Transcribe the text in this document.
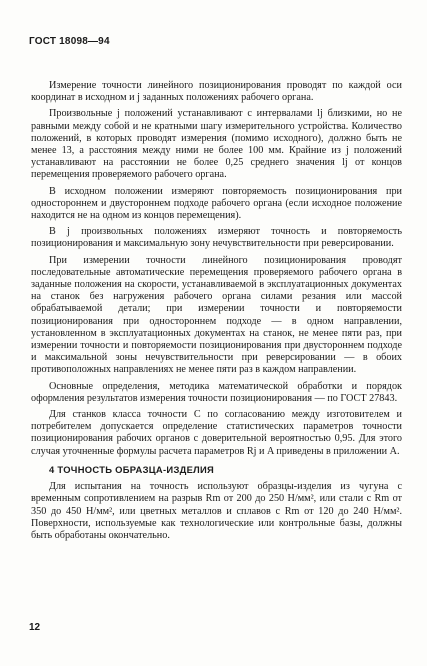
ГОСТ 18098—94

Измерение точности линейного позиционирования проводят по каждой оси координат в исходном и j заданных положениях рабочего органа.

Произвольные j положений устанавливают с интервалами lj близкими, но не равными между собой и не кратными шагу измерительного устройства. Количество положений, в которых проводят измерения (помимо исходного), должно быть не менее 13, а расстояния между ними не более 100 мм. Крайние из j положений устанавливают на расстоянии не более 0,25 среднего значения lj от концов перемещения проверяемого рабочего органа.

В исходном положении измеряют повторяемость позиционирования при одностороннем и двустороннем подходе рабочего органа (если исходное положение находится не на одном из концов перемещения).

В j произвольных положениях измеряют точность и повторяемость позиционирования и максимальную зону нечувствительности при реверсировании.

При измерении точности линейного позиционирования проводят последовательные автоматические перемещения проверяемого рабочего органа в заданные положения на скорости, устанавливаемой в эксплуатационных документах на станок без нагружения рабочего органа силами резания или массой обрабатываемой детали; при измерении точности и повторяемости позиционирования при одностороннем подходе — в одном направлении, установленном в эксплуатационных документах на станок, не менее пяти раз, при измерении точности и повторяемости позиционирования при двустороннем подходе и максимальной зоны нечувствительности при реверсировании — в обоих противоположных направлениях не менее пяти раз в каждом направлении.

Основные определения, методика математической обработки и порядок оформления результатов измерения точности позиционирования — по ГОСТ 27843.

Для станков класса точности С по согласованию между изготовителем и потребителем допускается определение статистических параметров точности позиционирования рабочих органов с доверительной вероятностью 0,95. Для этого случая уточненные формулы расчета параметров Rj и A приведены в приложении А.

4 ТОЧНОСТЬ ОБРАЗЦА-ИЗДЕЛИЯ

Для испытания на точность используют образцы-изделия из чугуна с временным сопротивлением на разрыв Rm от 200 до 250 Н/мм², или стали с Rm от 350 до 450 Н/мм², или цветных металлов и сплавов с Rm от 120 до 240 Н/мм². Поверхности, используемые как технологические или контрольные базы, должны быть обработаны окончательно.

12
